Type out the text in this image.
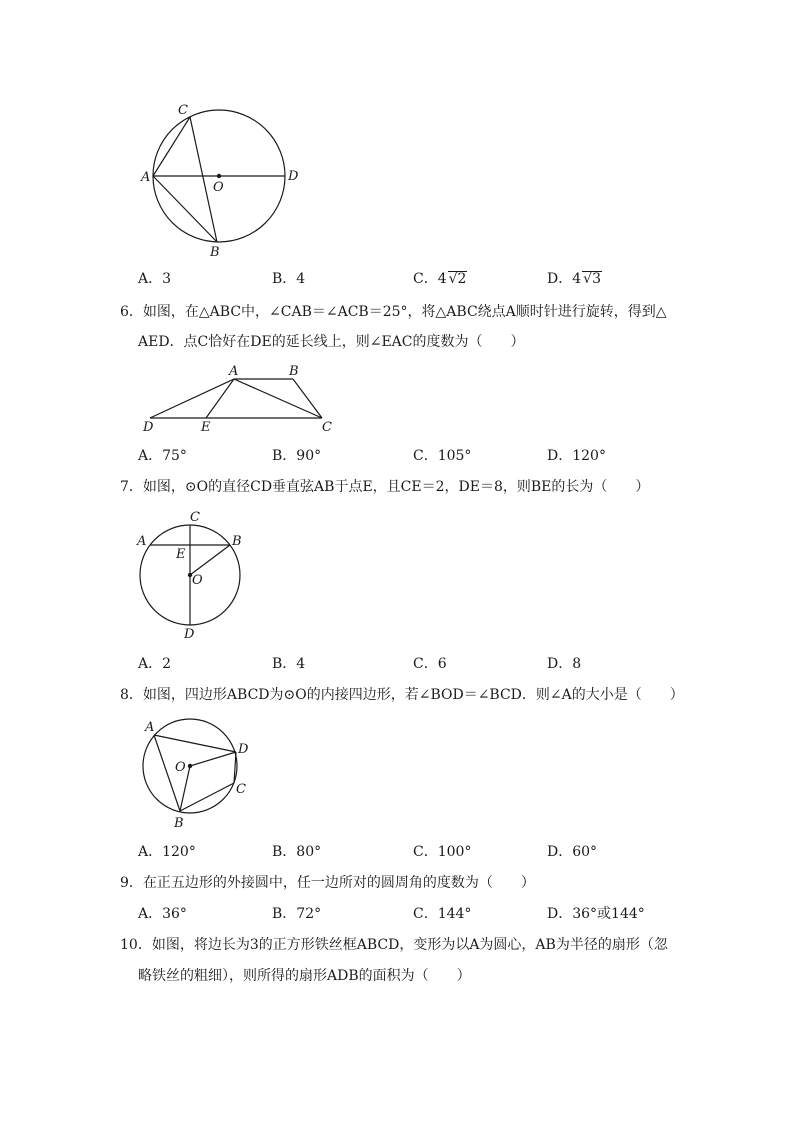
C
A
O
D
B
A．3	B．4	C．4 √2	D．4 √3
6．如图，在△ABC中，∠CAB＝∠ACB＝25°，将△ABC绕点A顺时针进行旋转，得到△
AED．点C恰好在DE的延长线上，则∠EAC的度数为（　　）
A	B
D	E	C
A．75°	B．90°	C．105°	D．120°
7．如图，⊙O的直径CD垂直弦AB于点E，且CE＝2，DE＝8，则BE的长为（　　）
C
A	B
E
O
D
A．2	B．4	C．6	D．8
8．如图，四边形ABCD为⊙O的内接四边形，若∠BOD＝∠BCD．则∠A的大小是（　　）
A
D
O
C
B
A．120°	B．80°	C．100°	D．60°
9．在正五边形的外接圆中，任一边所对的圆周角的度数为（　　）
A．36°	B．72°	C．144°	D．36°或144°
10．如图，将边长为3的正方形铁丝框ABCD，变形为以A为圆心，AB为半径的扇形（忽
略铁丝的粗细），则所得的扇形ADB的面积为（　　）
